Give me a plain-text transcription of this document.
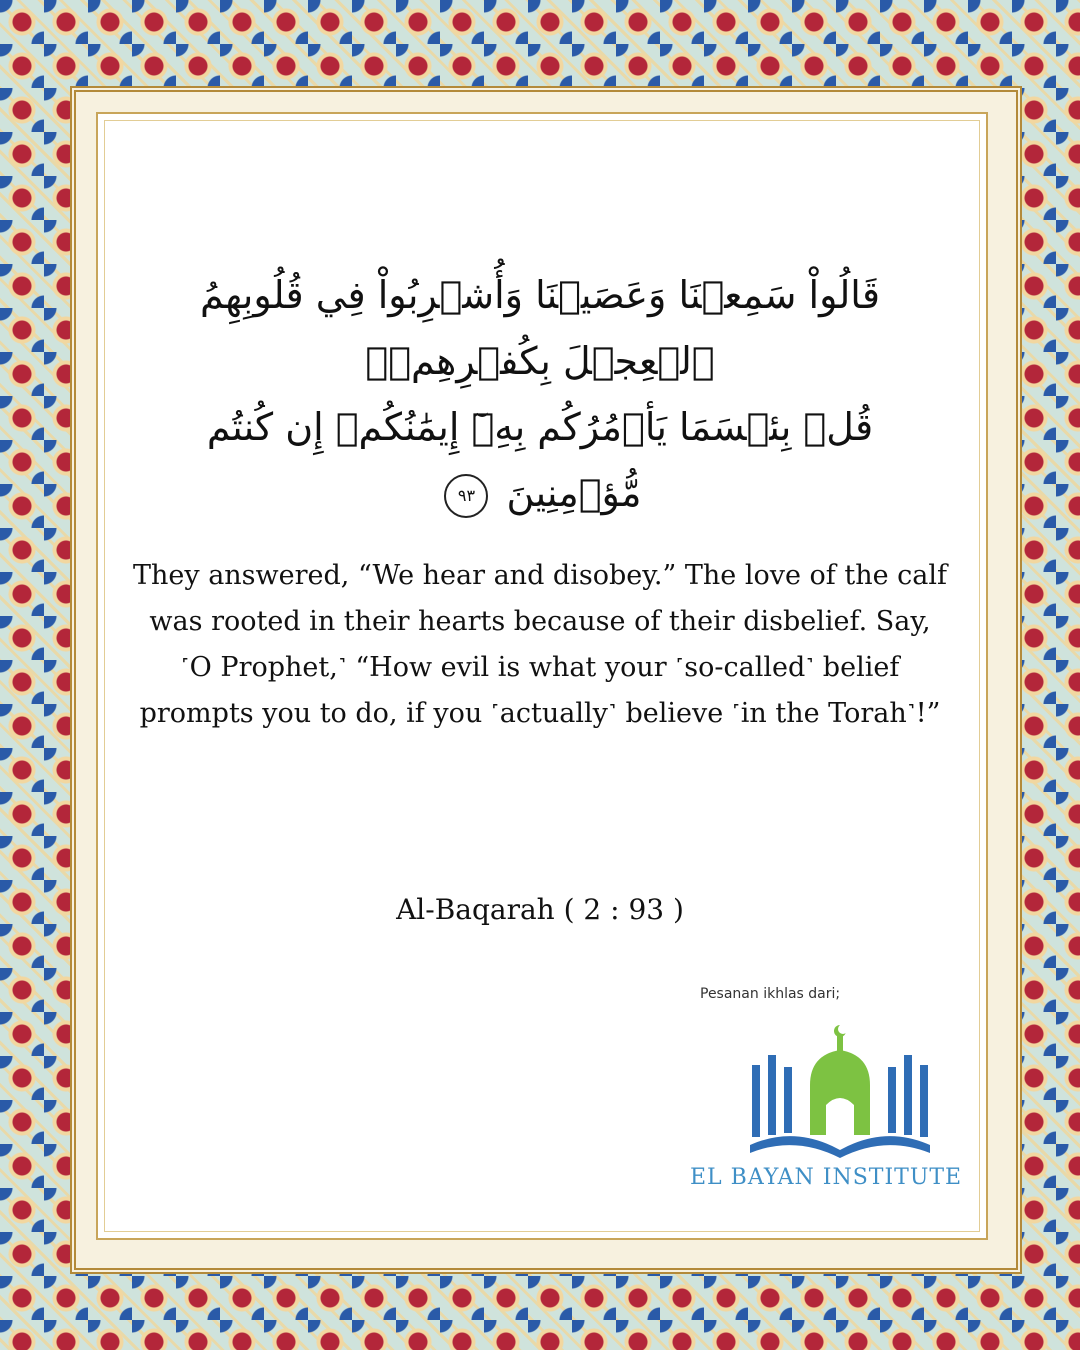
قَالُواْ سَمِعۡنَا وَعَصَيۡنَا وَأُشۡرِبُواْ فِي قُلُوبِهِمُ ٱلۡعِجۡلَ بِكُفۡرِهِمۡۚ
قُلۡ بِئۡسَمَا يَأۡمُرُكُم بِهِۦٓ إِيمَٰنُكُمۡ إِن كُنتُم مُّؤۡمِنِينَ ٩٣
They answered, “We hear and disobey.” The love of the calf was rooted in their hearts because of their disbelief. Say, ˹O Prophet,˺ “How evil is what your ˹so-called˺ belief prompts you to do, if you ˹actually˺ believe ˹in the Torah˺!”
Al-Baqarah ( 2 : 93 )
Pesanan ikhlas dari;
EL BAYAN INSTITUTE
